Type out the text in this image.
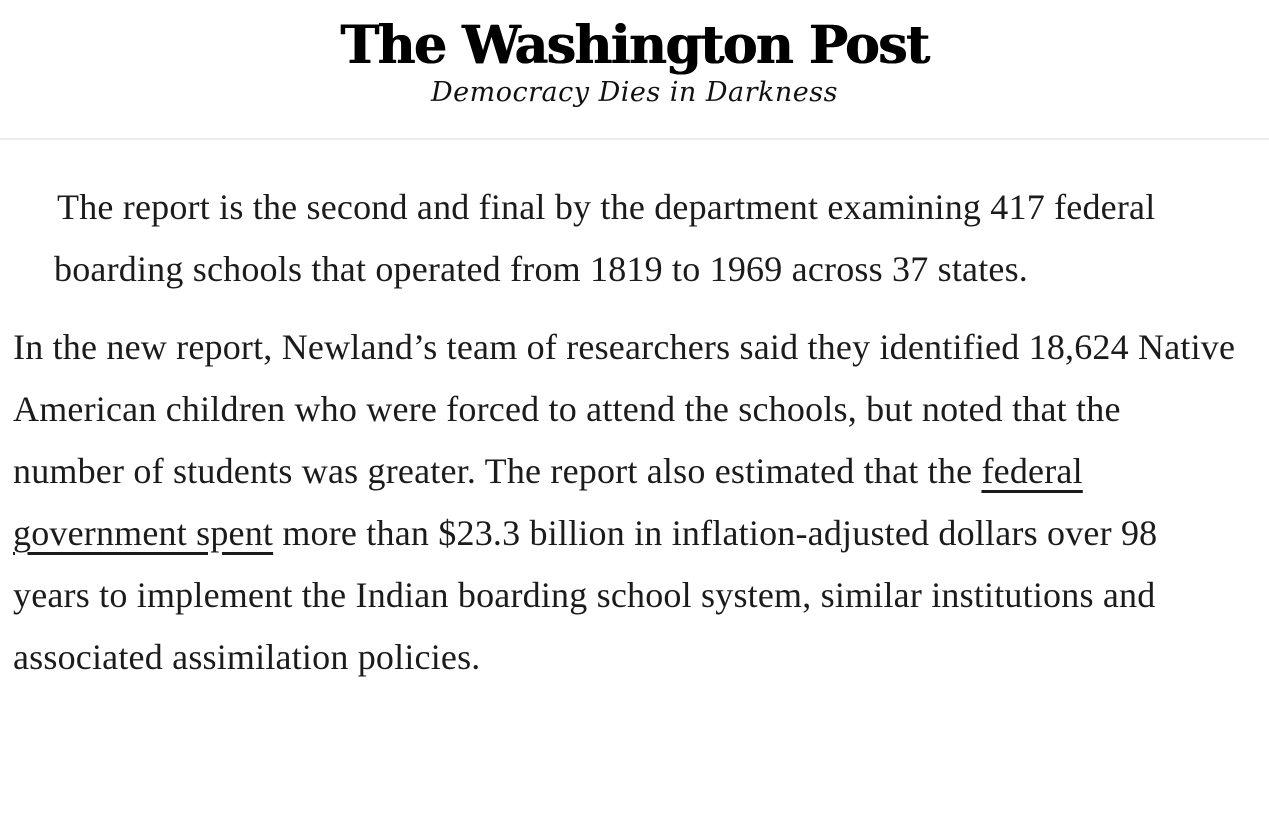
The Washington Post
Democracy Dies in Darkness

The report is the second and final by the department examining 417 federal boarding schools that operated from 1819 to 1969 across 37 states.

In the new report, Newland’s team of researchers said they identified 18,624 Native American children who were forced to attend the schools, but noted that the number of students was greater. The report also estimated that the federal government spent more than $23.3 billion in inflation-adjusted dollars over 98 years to implement the Indian boarding school system, similar institutions and associated assimilation policies.
